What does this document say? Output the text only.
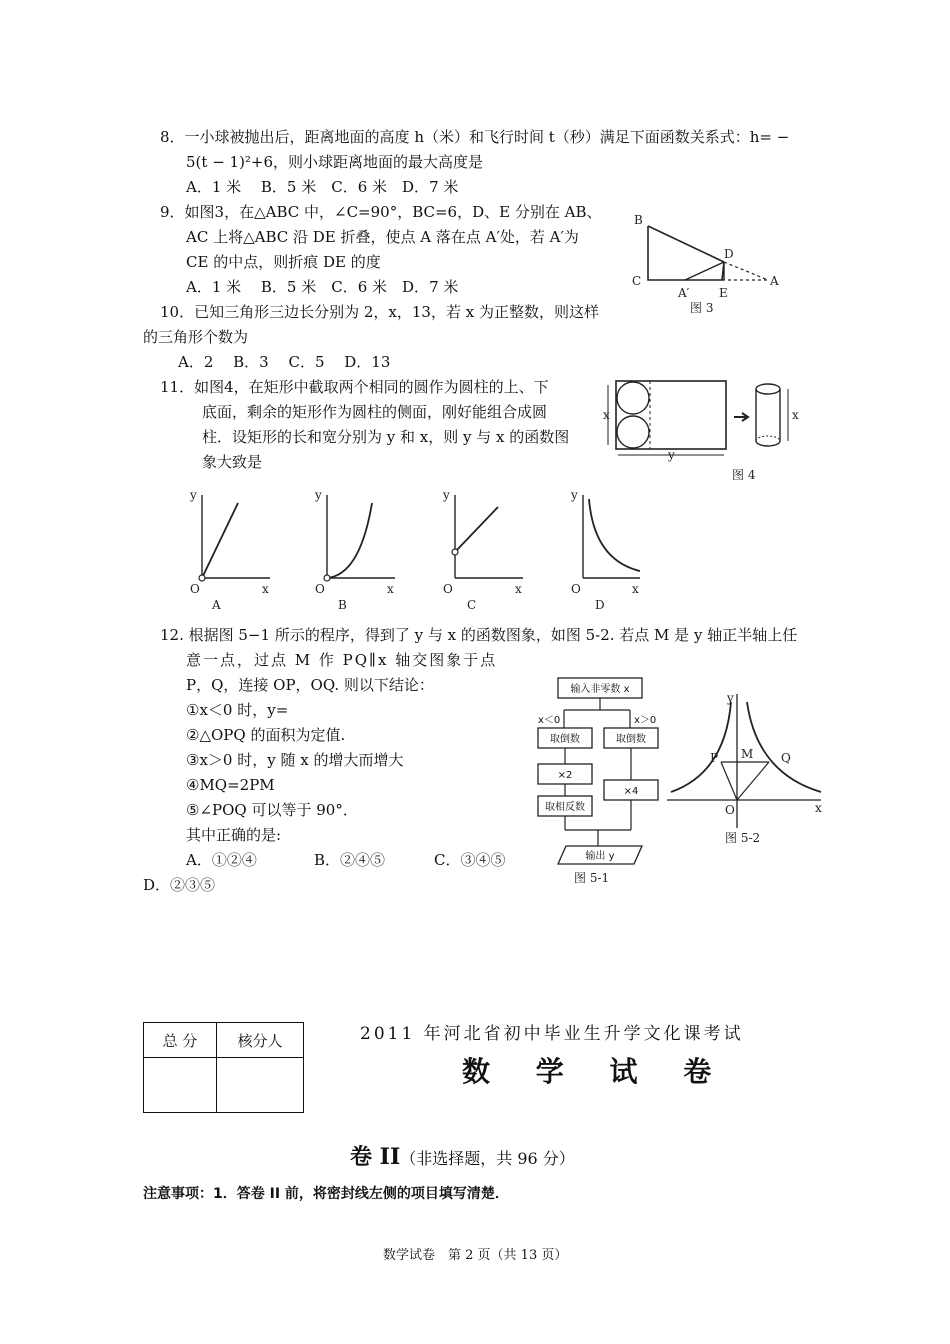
8．一小球被抛出后，距离地面的高度 h（米）和飞行时间 t（秒）满足下面函数关系式：h= −
5(t − 1)²+6，则小球距离地面的最大高度是
A．1 米　 B．5 米　C．6 米　D．7 米
9．如图3，在△ABC 中，∠C=90°，BC=6，D、E 分别在 AB、
AC 上将△ABC 沿 DE 折叠，使点 A 落在点 A′处，若 A′为
CE 的中点，则折痕 DE 的度
A．1 米　 B．5 米　C．6 米　D．7 米
B
C
D
A
A′ E
图 3
10．已知三角形三边长分别为 2，x，13，若 x 为正整数，则这样
的三角形个数为
A．2　 B．3　 C．5　 D．13
11．如图4，在矩形中截取两个相同的圆作为圆柱的上、下
底面，剩余的矩形作为圆柱的侧面，刚好能组合成圆
柱．设矩形的长和宽分别为 y 和 x，则 y 与 x 的函数图
象大致是
x
y
x
图 4
y
x
O
A
y
x
O
B
y
x
O
C
y
x
O
D
12. 根据图 5−1 所示的程序，得到了 y 与 x 的函数图象，如图 5-2. 若点 M 是 y 轴正半轴上任
意一点，过点 M 作 PQ∥x 轴交图象于点
P，Q，连接 OP，OQ. 则以下结论：
①x＜0 时，y=
②△OPQ 的面积为定值.
③x＞0 时，y 随 x 的增大而增大
④MQ=2PM
⑤∠POQ 可以等于 90°．
其中正确的是:
A．①②④	B．②④⑤	C．③④⑤
D．②③⑤
输入非零数 x
x＜0	x＞0
取倒数	取倒数
×2
取相反数
×4
输出 y
图 5-1
y
x
P M Q
O
图 5-2
总 分	核分人
		2011 年河北省初中毕业生升学文化课考试
数 学 试 卷
卷 II（非选择题，共 96 分）
注意事项：1．答卷 II 前，将密封线左侧的项目填写清楚．
数学试卷　第 2 页（共 13 页）
